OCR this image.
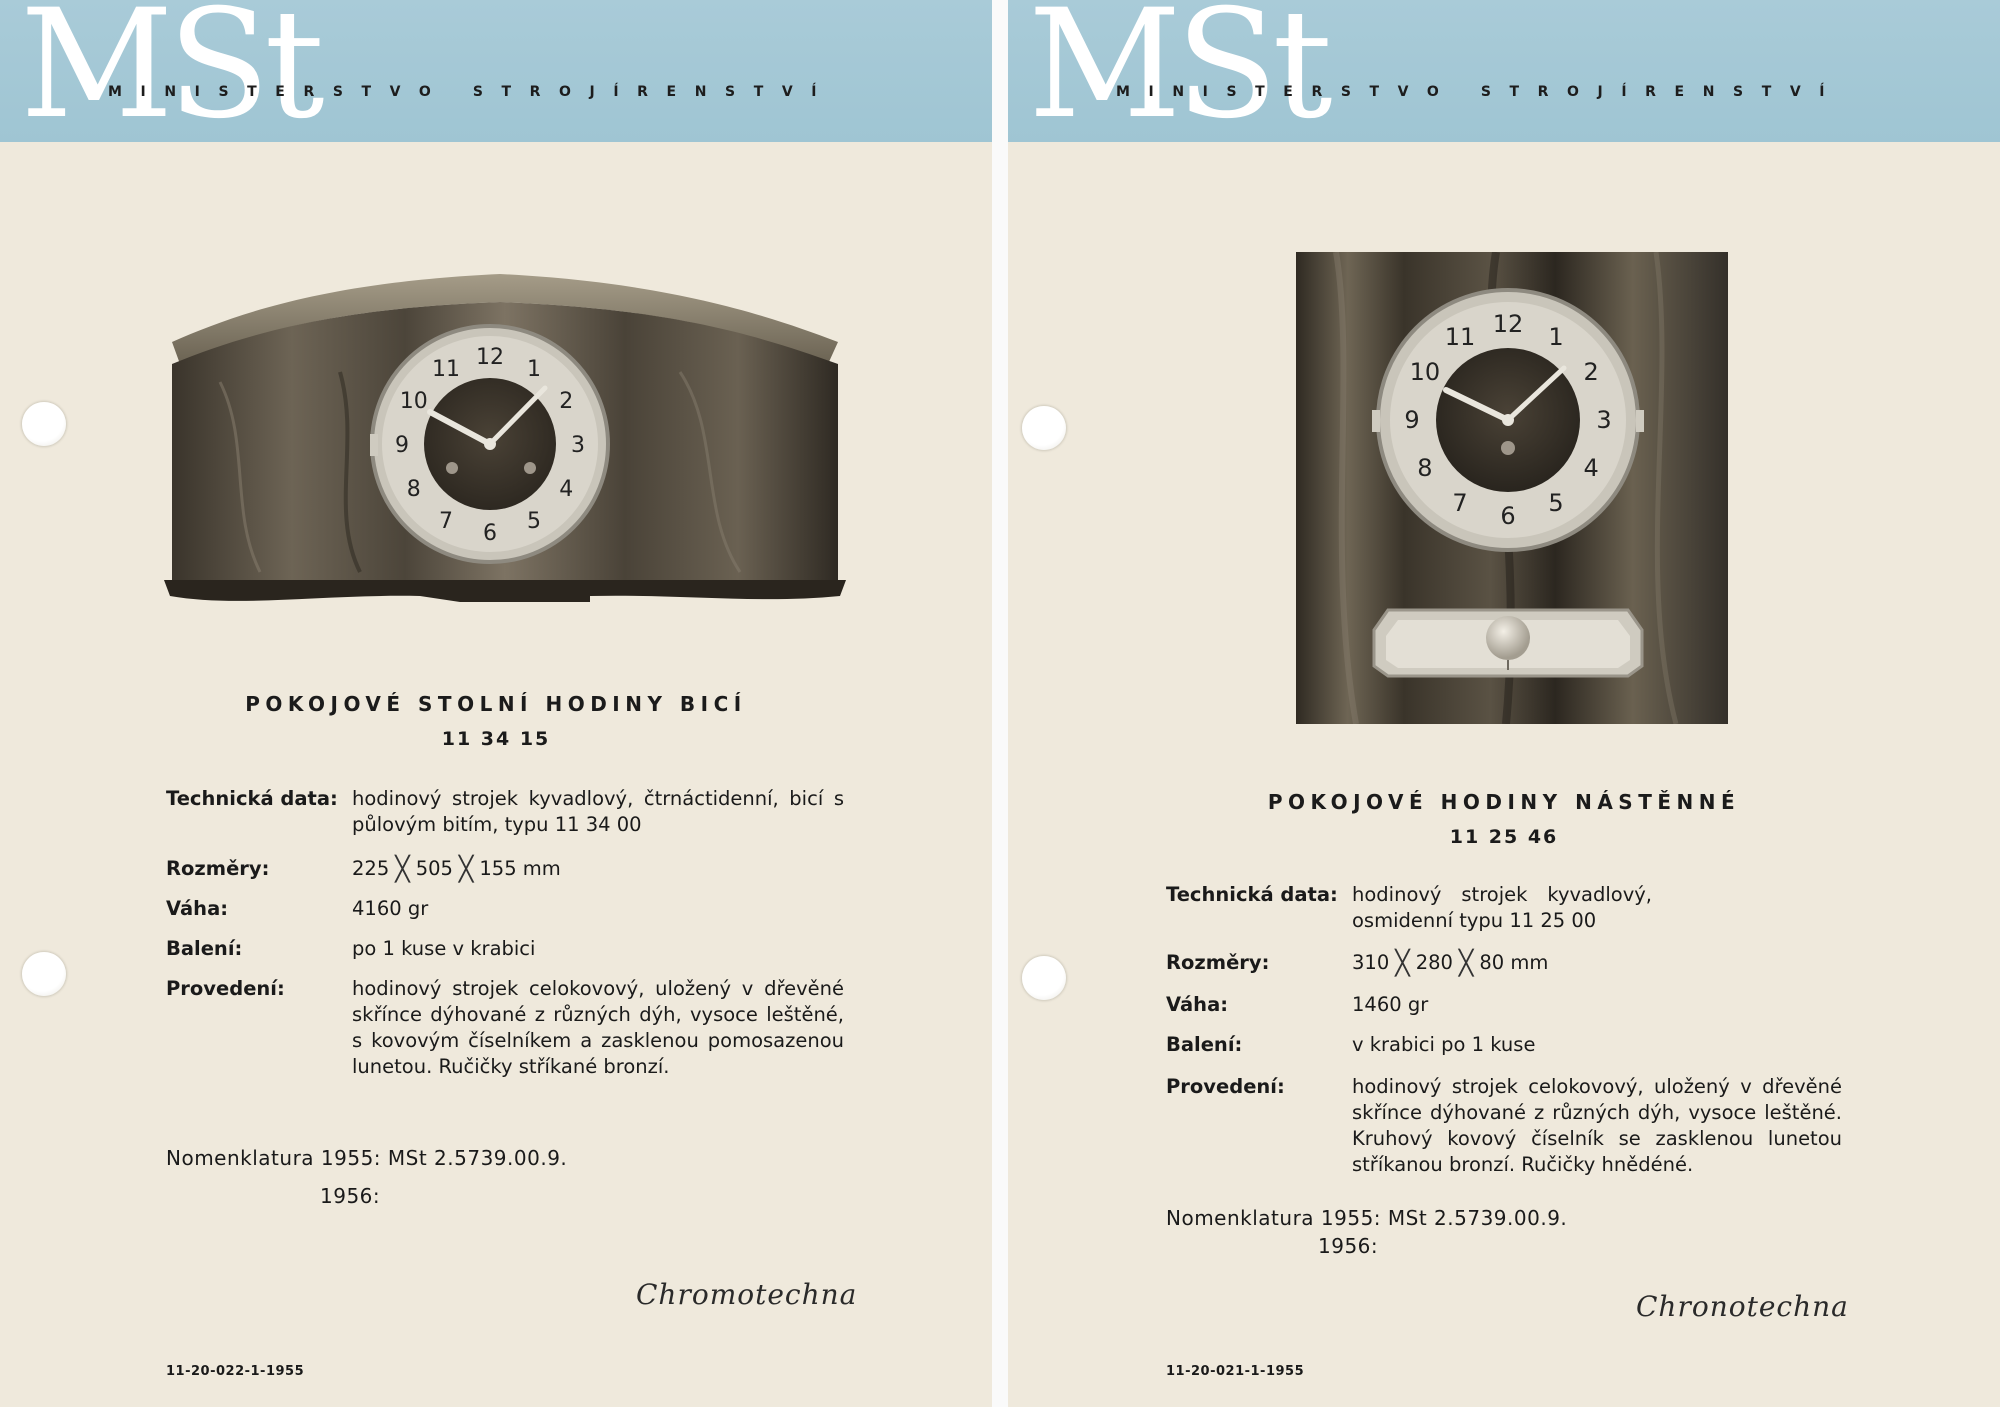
MSt
MINISTERSTVO STROJÍRENSTVÍ
12 1
2
3
4
5
6
7
8
9
10
11
POKOJOVÉ STOLNÍ HODINY BICÍ
11 34 15
Technická data: hodinový strojek kyvadlový, čtrnáctidenní, bicí s půlovým bitím, typu 11 34 00
Rozměry:	225 ╳ 505 ╳ 155 mm
Váha:	4160 gr
Balení:	po 1 kuse v krabici
Provedení:	hodinový strojek celokovový, uložený v dřevěné skřínce dýhované z různých dýh, vysoce leštěné, s kovovým číselníkem a zasklenou pomosazenou lunetou. Ručičky stříkané bronzí.
Nomenklatura 1955: MSt 2.5739.00.9.
1956:
Chromotechna
11-20-022-1-1955
MSt
MINISTERSTVO STROJÍRENSTVÍ
12 1
2
3
4
5
6
7
8
9
10
11
POKOJOVÉ HODINY NÁSTĚNNÉ
11 25 46
Technická data: hodinový strojek kyvadlový, osmidenní typu 11 25 00
Rozměry:	310 ╳ 280 ╳ 80 mm
Váha:	1460 gr
Balení:	v krabici po 1 kuse
Provedení:	hodinový strojek celokovový, uložený v dřevěné skřínce dýhované z různých dýh, vysoce leštěné. Kruhový kovový číselník se zasklenou lunetou stříkanou bronzí. Ručičky hnědéné.
Nomenklatura 1955: MSt 2.5739.00.9.
1956:
Chronotechna
11-20-021-1-1955
